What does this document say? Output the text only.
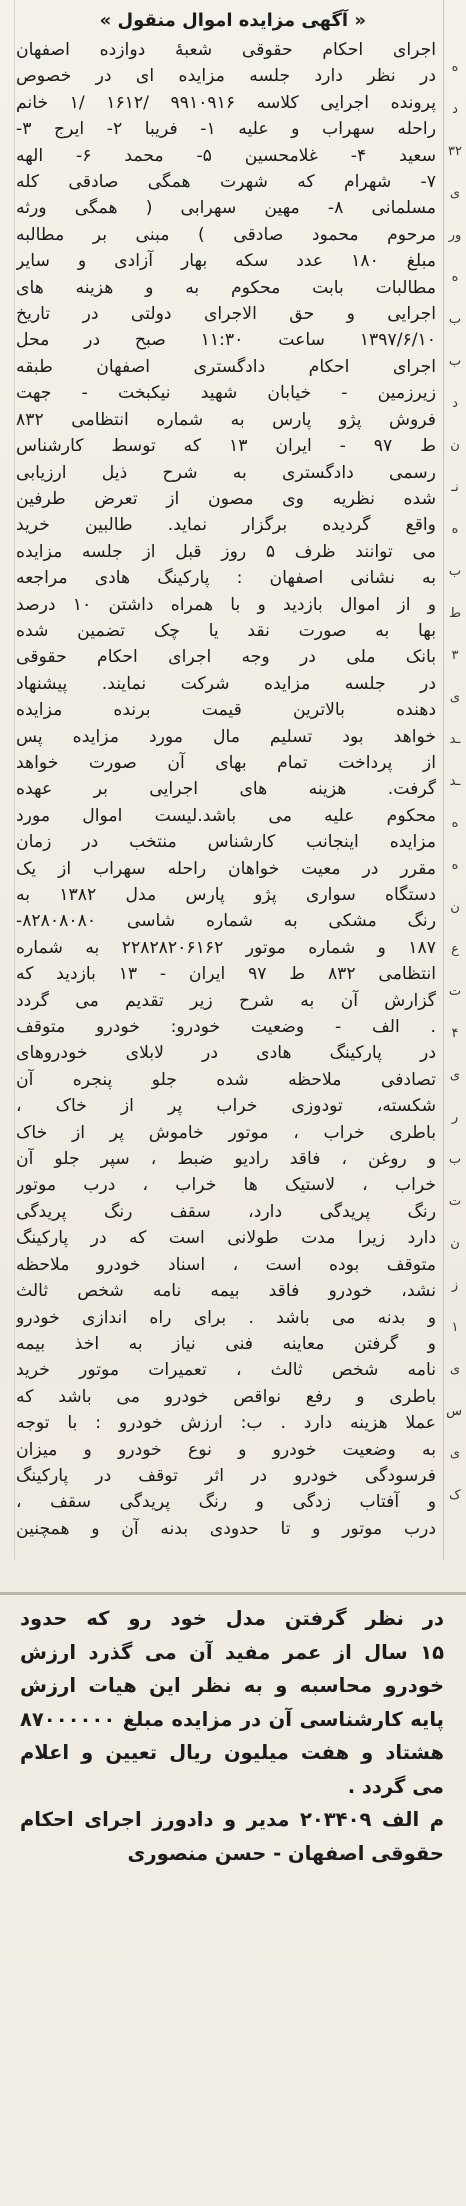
ه
د
۳۲
ی
ور
ه
ب
ب
د
ن
نـ
ه
ب
ط
۳
ی
ـد
ـد
ه
ه
ن
ع
ت
۴
ی
ر
ب
ت
ن
ز
۱
ی
س
ی
ک
« آگهی مزایده اموال منقول »
اجرای احکام حقوقی شعبهٔ دوازده اصفهان
در نظر دارد جلسه مزایده ای در خصوص
پرونده اجرایی کلاسه ۹۹۱۰۹۱۶ /۱۶۱۲ /۱ خانم
راحله سهراب و علیه ۱- فریبا ۲- ایرج ۳-
سعید ۴- غلامحسین ۵- محمد ۶- الهه
۷- شهرام که شهرت همگی صادقی کله
مسلمانی ۸- مهین سهرابی ( همگی ورثه
مرحوم محمود صادقی ) مبنی بر مطالبه
مبلغ ۱۸۰ عدد سکه بهار آزادی و سایر
مطالبات بابت محکوم به و هزینه های
اجرایی و حق الاجرای دولتی در تاریخ
۱۳۹۷/۶/۱۰ ساعت ۱۱:۳۰ صبح در محل
اجرای احکام دادگستری اصفهان طبقه
زیرزمین - خیابان شهید نیکبخت - جهت
فروش پژو پارس به شماره انتظامی ۸۳۲
ط ۹۷ - ایران ۱۳ که توسط کارشناس
رسمی دادگستری به شرح ذیل ارزیابی
شده نظریه وی مصون از تعرض طرفین
واقع گردیده برگزار نماید. طالبین خرید
می توانند ظرف ۵ روز قبل از جلسه مزایده
به نشانی اصفهان : پارکینگ هادی مراجعه
و از اموال بازدید و با همراه داشتن ۱۰ درصد
بها به صورت نقد یا چک تضمین شده
بانک ملی در وجه اجرای احکام حقوقی
در جلسه مزایده شرکت نمایند. پیشنهاد
دهنده بالاترین قیمت برنده مزایده
خواهد بود تسلیم مال مورد مزایده پس
از پرداخت تمام بهای آن صورت خواهد
گرفت. هزینه های اجرایی بر عهده
محکوم علیه می باشد.لیست اموال مورد
مزایده اینجانب کارشناس منتخب در زمان
مقرر در معیت خواهان راحله سهراب از یک
دستگاه سواری پژو پارس مدل ۱۳۸۲ به
رنگ مشکی به شماره شاسی ۸۲۸۰۸۰۸۰-
۱۸۷ و شماره موتور ۲۲۸۲۸۲۰۶۱۶۲ به شماره
انتظامی ۸۳۲ ط ۹۷ ایران - ۱۳ بازدید که
گزارش آن به شرح زیر تقدیم می گردد
. الف - وضعیت خودرو: خودرو متوقف
در پارکینگ هادی در لابلای خودروهای
تصادفی ملاحظه شده جلو پنجره آن
شکسته، تودوزی خراب پر از خاک ،
باطری خراب ، موتور خاموش پر از خاک
و روغن ، فاقد رادیو ضبط ، سپر جلو آن
خراب ، لاستیک ها خراب ، درب موتور
رنگ پریدگی دارد، سقف رنگ پریدگی
دارد زیرا مدت طولانی است که در پارکینگ
متوقف بوده است ، اسناد خودرو ملاحظه
نشد، خودرو فاقد بیمه نامه شخص ثالث
و بدنه می باشد . برای راه اندازی خودرو
و گرفتن معاینه فنی نیاز به اخذ بیمه
نامه شخص ثالث ، تعمیرات موتور خرید
باطری و رفع نواقص خودرو می باشد که
عملا هزینه دارد . ب: ارزش خودرو : با توجه
به وضعیت خودرو و نوع خودرو و میزان
فرسودگی خودرو در اثر توقف در پارکینگ
و آفتاب زدگی و رنگ پریدگی سقف ،
درب موتور و تا حدودی بدنه آن و همچنین
در نظر گرفتن مدل خود رو که حدود
۱۵ سال از عمر مفید آن می گذرد ارزش
خودرو محاسبه و به نظر این هیات ارزش
پایه کارشناسی آن در مزایده مبلغ ۸۷۰۰۰۰۰۰
هشتاد و هفت میلیون ریال تعیین و اعلام
می گردد .
م الف ۲۰۳۴۰۹ مدیر و دادورز اجرای احکام
حقوقی اصفهان - حسن منصوری
